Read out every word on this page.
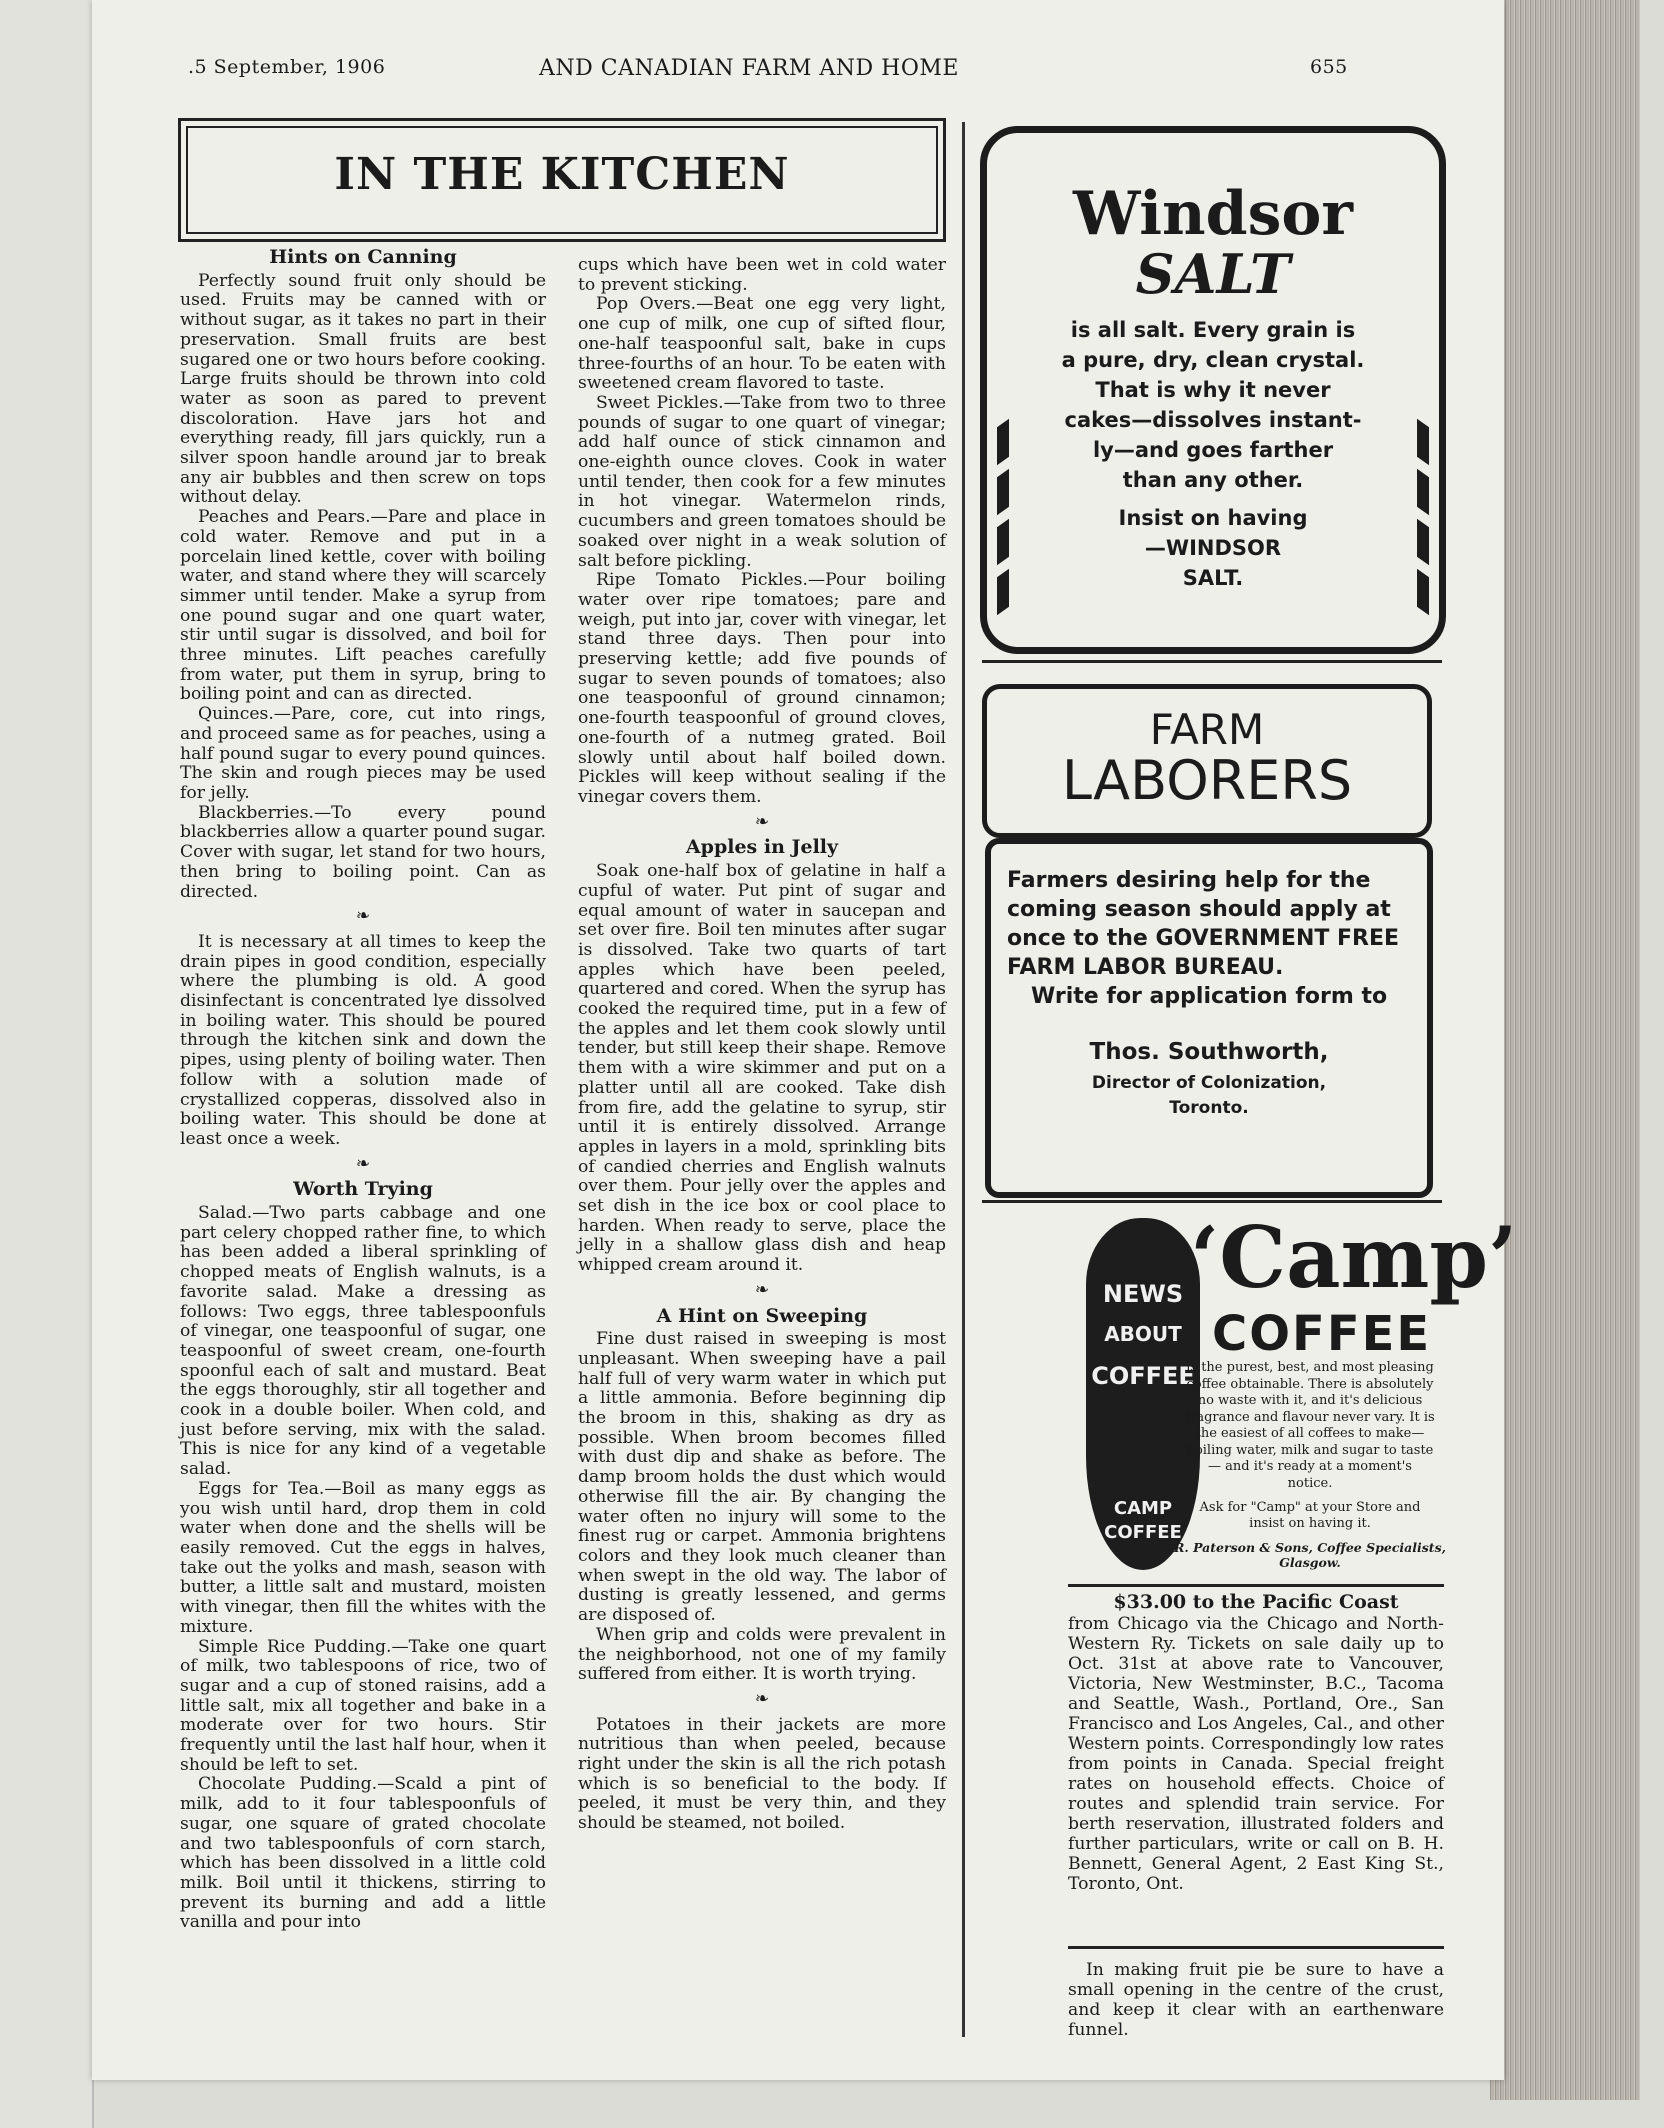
.5 September, 1906	AND CANADIAN FARM AND HOME	655
IN THE KITCHEN
Hints on Canning

Perfectly sound fruit only should be used. Fruits may be canned with or without sugar, as it takes no part in their preservation. Small fruits are best sugared one or two hours before cooking. Large fruits should be thrown into cold water as soon as pared to prevent discoloration. Have jars hot and everything ready, fill jars quickly, run a silver spoon handle around jar to break any air bubbles and then screw on tops without delay.

Peaches and Pears.—Pare and place in cold water. Remove and put in a porcelain lined kettle, cover with boiling water, and stand where they will scarcely simmer until tender. Make a syrup from one pound sugar and one quart water, stir until sugar is dissolved, and boil for three minutes. Lift peaches carefully from water, put them in syrup, bring to boiling point and can as directed.

Quinces.—Pare, core, cut into rings, and proceed same as for peaches, using a half pound sugar to every pound quinces. The skin and rough pieces may be used for jelly.

Blackberries.—To every pound blackberries allow a quarter pound sugar. Cover with sugar, let stand for two hours, then bring to boiling point. Can as directed.

❧

It is necessary at all times to keep the drain pipes in good condition, especially where the plumbing is old. A good disinfectant is concentrated lye dissolved in boiling water. This should be poured through the kitchen sink and down the pipes, using plenty of boiling water. Then follow with a solution made of crystallized copperas, dissolved also in boiling water. This should be done at least once a week.

❧
Worth Trying

Salad.—Two parts cabbage and one part celery chopped rather fine, to which has been added a liberal sprinkling of chopped meats of English walnuts, is a favorite salad. Make a dressing as follows: Two eggs, three tablespoonfuls of vinegar, one teaspoonful of sugar, one teaspoonful of sweet cream, one-fourth spoonful each of salt and mustard. Beat the eggs thoroughly, stir all together and cook in a double boiler. When cold, and just before serving, mix with the salad. This is nice for any kind of a vegetable salad.

Eggs for Tea.—Boil as many eggs as you wish until hard, drop them in cold water when done and the shells will be easily removed. Cut the eggs in halves, take out the yolks and mash, season with butter, a little salt and mustard, moisten with vinegar, then fill the whites with the mixture.

Simple Rice Pudding.—Take one quart of milk, two tablespoons of rice, two of sugar and a cup of stoned raisins, add a little salt, mix all together and bake in a moderate over for two hours. Stir frequently until the last half hour, when it should be left to set.

Chocolate Pudding.—Scald a pint of milk, add to it four tablespoonfuls of sugar, one square of grated chocolate and two tablespoonfuls of corn starch, which has been dissolved in a little cold milk. Boil until it thickens, stirring to prevent its burning and add a little vanilla and pour into

cups which have been wet in cold water to prevent sticking.

Pop Overs.—Beat one egg very light, one cup of milk, one cup of sifted flour, one-half teaspoonful salt, bake in cups three-fourths of an hour. To be eaten with sweetened cream flavored to taste.

Sweet Pickles.—Take from two to three pounds of sugar to one quart of vinegar; add half ounce of stick cinnamon and one-eighth ounce cloves. Cook in water until tender, then cook for a few minutes in hot vinegar. Watermelon rinds, cucumbers and green tomatoes should be soaked over night in a weak solution of salt before pickling.

Ripe Tomato Pickles.—Pour boiling water over ripe tomatoes; pare and weigh, put into jar, cover with vinegar, let stand three days. Then pour into preserving kettle; add five pounds of sugar to seven pounds of tomatoes; also one teaspoonful of ground cinnamon; one-fourth teaspoonful of ground cloves, one-fourth of a nutmeg grated. Boil slowly until about half boiled down. Pickles will keep without sealing if the vinegar covers them.

❧
Apples in Jelly

Soak one-half box of gelatine in half a cupful of water. Put pint of sugar and equal amount of water in saucepan and set over fire. Boil ten minutes after sugar is dissolved. Take two quarts of tart apples which have been peeled, quartered and cored. When the syrup has cooked the required time, put in a few of the apples and let them cook slowly until tender, but still keep their shape. Remove them with a wire skimmer and put on a platter until all are cooked. Take dish from fire, add the gelatine to syrup, stir until it is entirely dissolved. Arrange apples in layers in a mold, sprinkling bits of candied cherries and English walnuts over them. Pour jelly over the apples and set dish in the ice box or cool place to harden. When ready to serve, place the jelly in a shallow glass dish and heap whipped cream around it.

❧
A Hint on Sweeping

Fine dust raised in sweeping is most unpleasant. When sweeping have a pail half full of very warm water in which put a little ammonia. Before beginning dip the broom in this, shaking as dry as possible. When broom becomes filled with dust dip and shake as before. The damp broom holds the dust which would otherwise fill the air. By changing the water often no injury will some to the finest rug or carpet. Ammonia brightens colors and they look much cleaner than when swept in the old way. The labor of dusting is greatly lessened, and germs are disposed of.

When grip and colds were prevalent in the neighborhood, not one of my family suffered from either. It is worth trying.

❧

Potatoes in their jackets are more nutritious than when peeled, because right under the skin is all the rich potash which is so beneficial to the body. If peeled, it must be very thin, and they should be steamed, not boiled.

Windsor
SALT
is all salt. Every grain is
a pure, dry, clean crystal.
That is why it never
cakes—dissolves instant-
ly—and goes farther
than any other.
Insist on having
—WINDSOR
SALT.
FARM
LABORERS
Farmers desiring help for the coming season should apply at once to the GOVERNMENT FREE FARM LABOR BUREAU.
Write for application form to
Thos. Southworth,
Director of Colonization,
Toronto.
NEWS
ABOUT
COFFEE
CAMP
COFFEE
‘Camp’
COFFEE
is the purest, best, and most pleasing coffee obtainable. There is absolutely no waste with it, and it's delicious fragrance and flavour never vary. It is the easiest of all coffees to make—boiling water, milk and sugar to taste — and it's ready at a moment's notice.
Ask for "Camp" at your Store and insist on having it.
R. Paterson & Sons, Coffee Specialists, Glasgow.
$33.00 to the Pacific Coast
from Chicago via the Chicago and North-Western Ry. Tickets on sale daily up to Oct. 31st at above rate to Vancouver, Victoria, New Westminster, B.C., Tacoma and Seattle, Wash., Portland, Ore., San Francisco and Los Angeles, Cal., and other Western points. Correspondingly low rates from points in Canada. Special freight rates on household effects. Choice of routes and splendid train service. For berth reservation, illustrated folders and further particulars, write or call on B. H. Bennett, General Agent, 2 East King St., Toronto, Ont.
In making fruit pie be sure to have a small opening in the centre of the crust, and keep it clear with an earthenware funnel.
